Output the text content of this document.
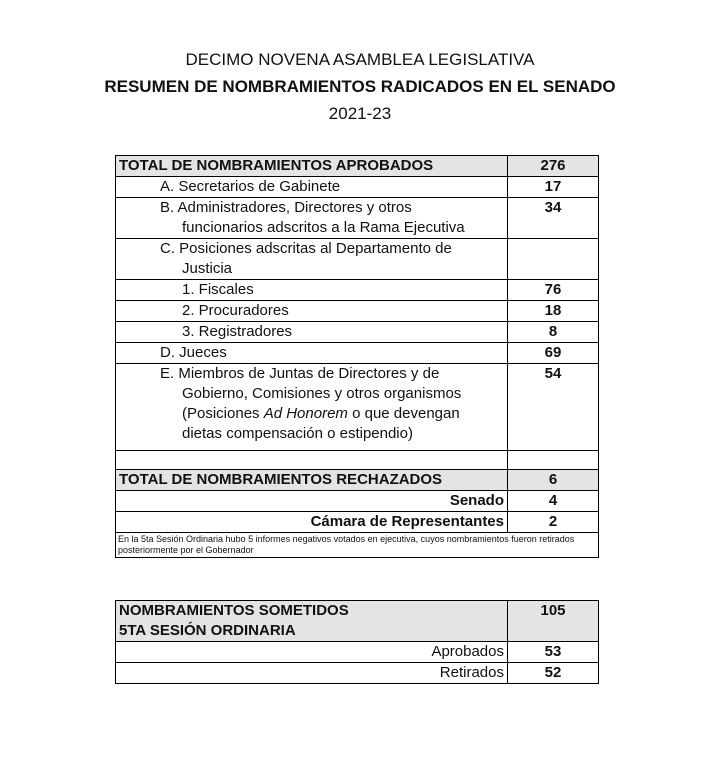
DECIMO NOVENA ASAMBLEA LEGISLATIVA
RESUMEN DE NOMBRAMIENTOS RADICADOS EN EL SENADO
2021-23
TOTAL DE NOMBRAMIENTOS APROBADOS	276
A. Secretarios de Gabinete	17

B. Administradores, Directores y otros
funcionarios adscritos a la Rama Ejecutiva	34

C. Posiciones adscritas al Departamento de
Justicia	

1. Fiscales	76
2. Procuradores	18
3. Registradores	8
D. Jueces	69

E. Miembros de Juntas de Directores y de
Gobierno, Comisiones y otros organismos
(Posiciones Ad Honorem o que devengan
dietas compensación o estipendio)	54

TOTAL DE NOMBRAMIENTOS RECHAZADOS	6
Senado	4
Cámara de Representantes	2
En la 5ta Sesión Ordinaria hubo 5 informes negativos votados en ejecutiva, cuyos nombramientos fueron retirados posteriormente por el Gobernador	
NOMBRAMIENTOS SOMETIDOS 5TA SESIÓN ORDINARIA	105
Aprobados	53
Retirados	52
